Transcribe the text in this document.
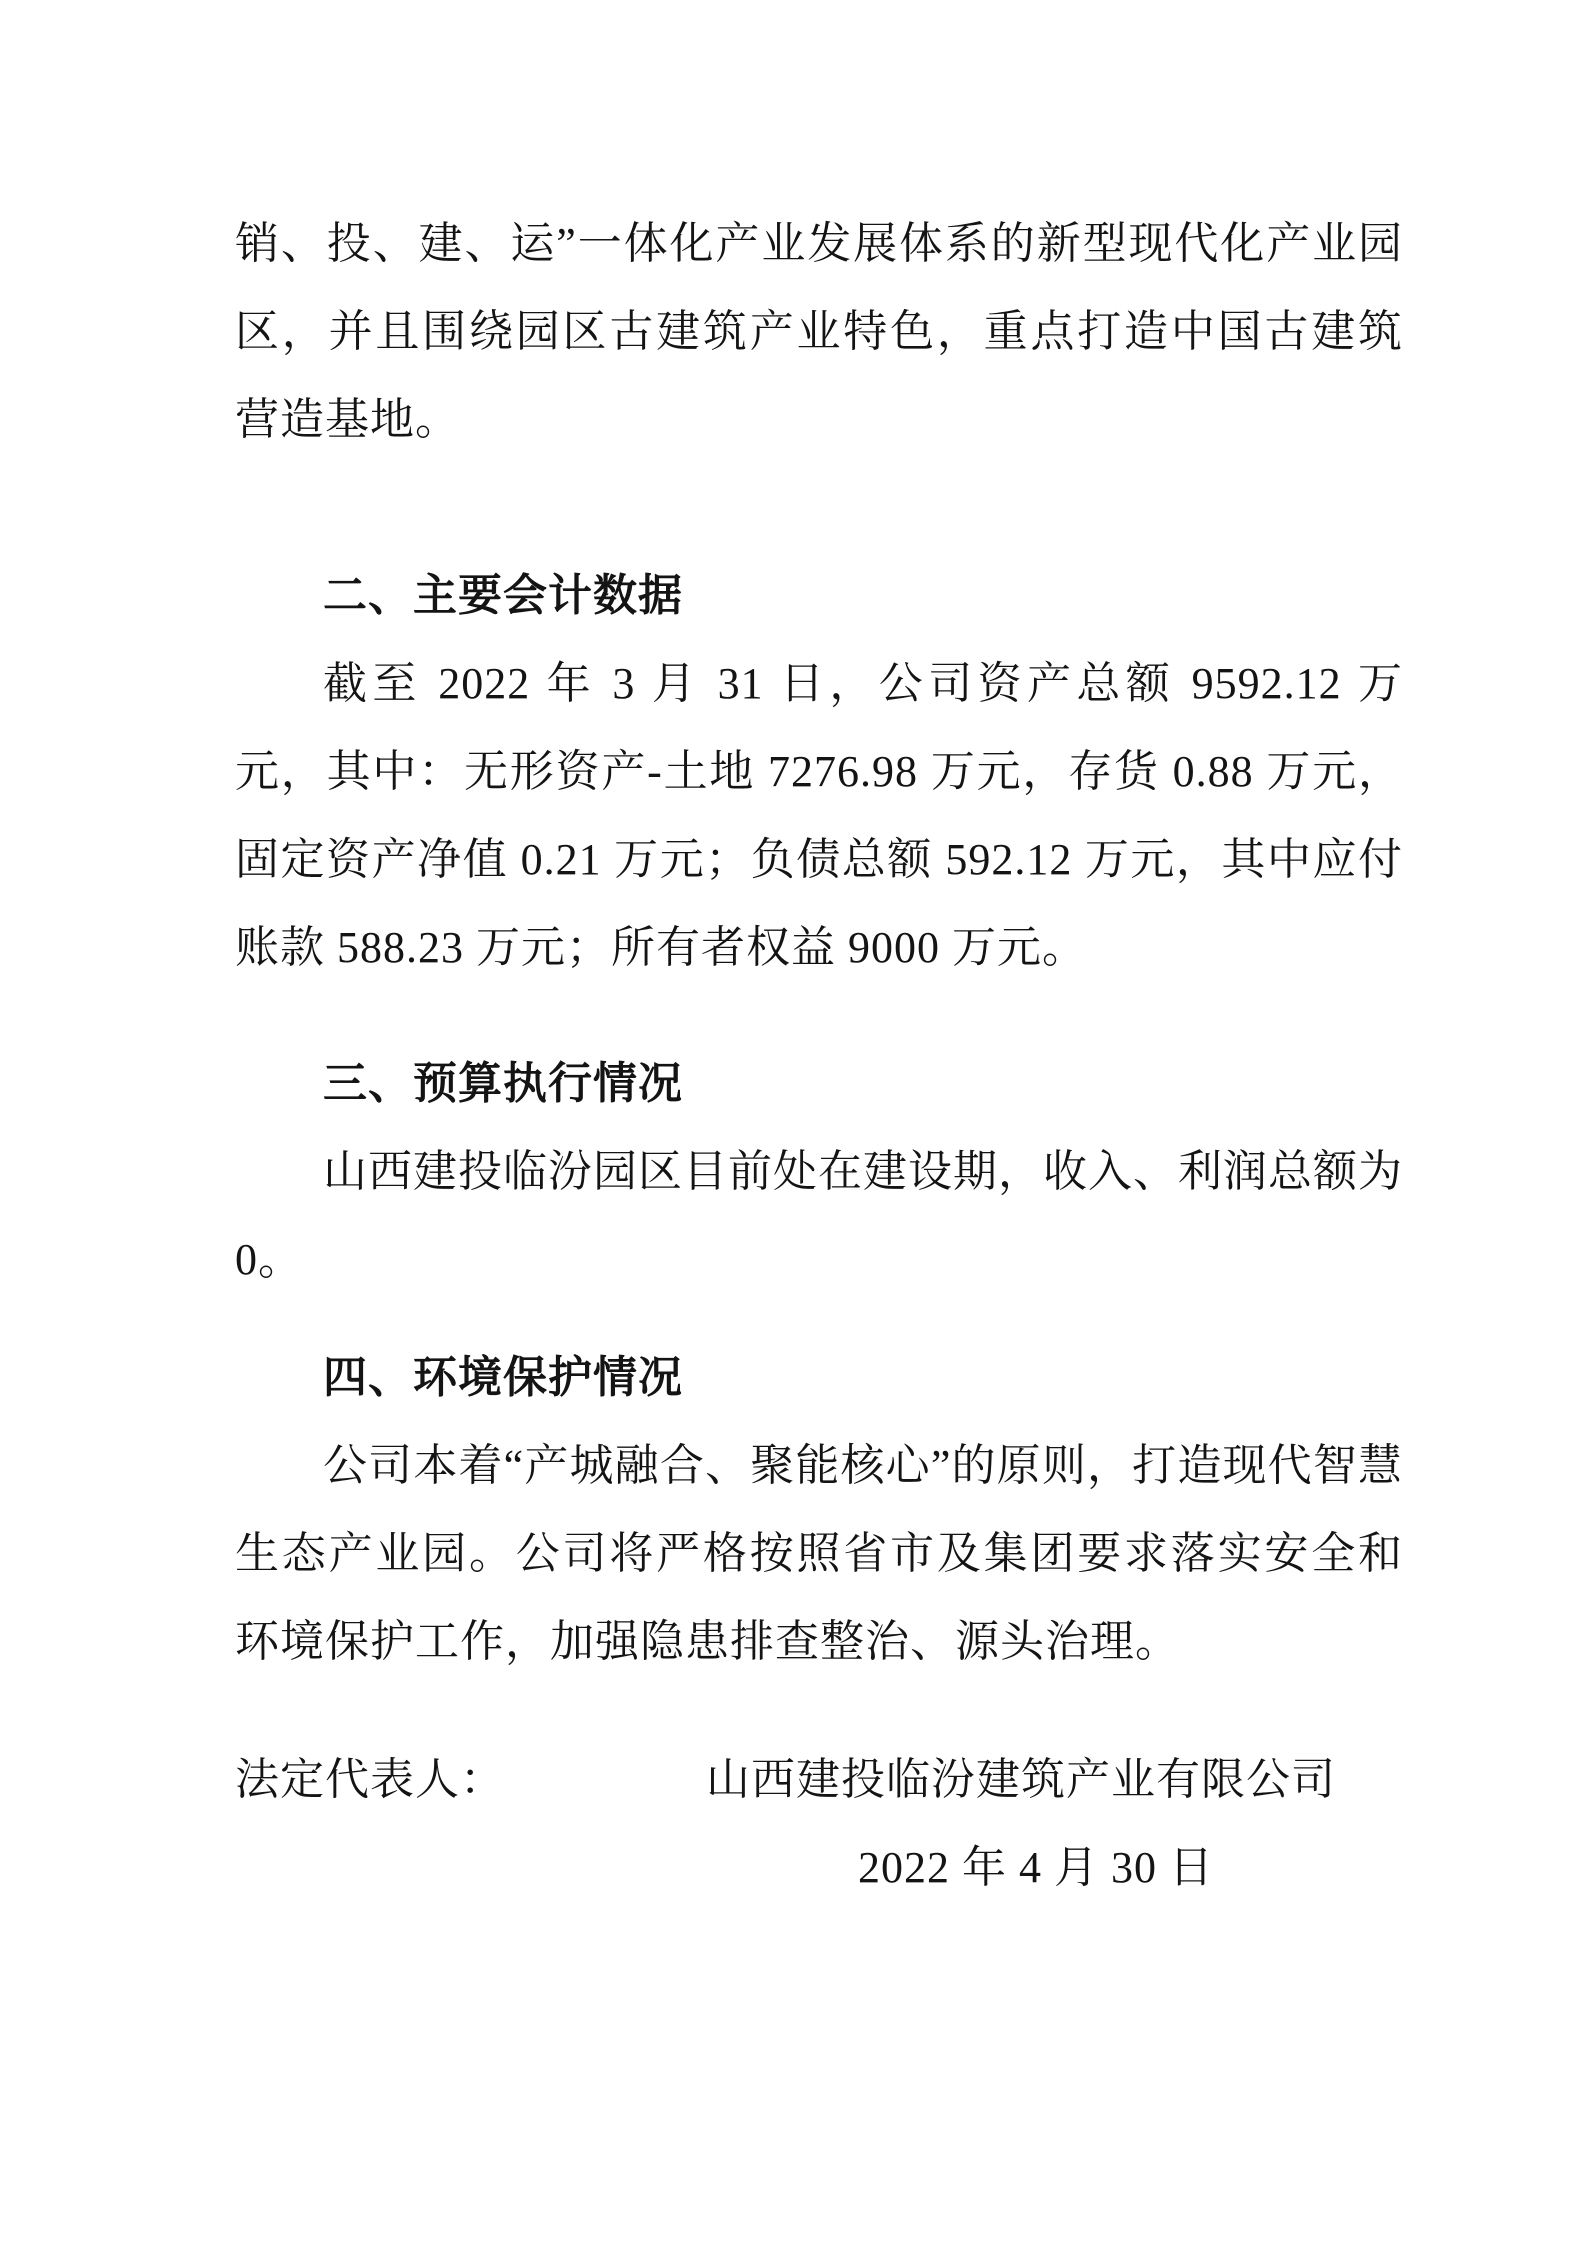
销、投、建、运”一体化产业发展体系的新型现代化产业园区，并且围绕园区古建筑产业特色，重点打造中国古建筑营造基地。

二、主要会计数据

截至 2022 年 3 月 31 日，公司资产总额 9592.12 万元，其中：无形资产-土地 7276.98 万元，存货 0.88 万元，固定资产净值 0.21 万元；负债总额 592.12 万元，其中应付账款 588.23 万元；所有者权益 9000 万元。

三、预算执行情况

山西建投临汾园区目前处在建设期，收入、利润总额为 0。

四、环境保护情况

公司本着“产城融合、聚能核心”的原则，打造现代智慧生态产业园。公司将严格按照省市及集团要求落实安全和环境保护工作，加强隐患排查整治、源头治理。

法定代表人：	山西建投临汾建筑产业有限公司

2022 年 4 月 30 日
